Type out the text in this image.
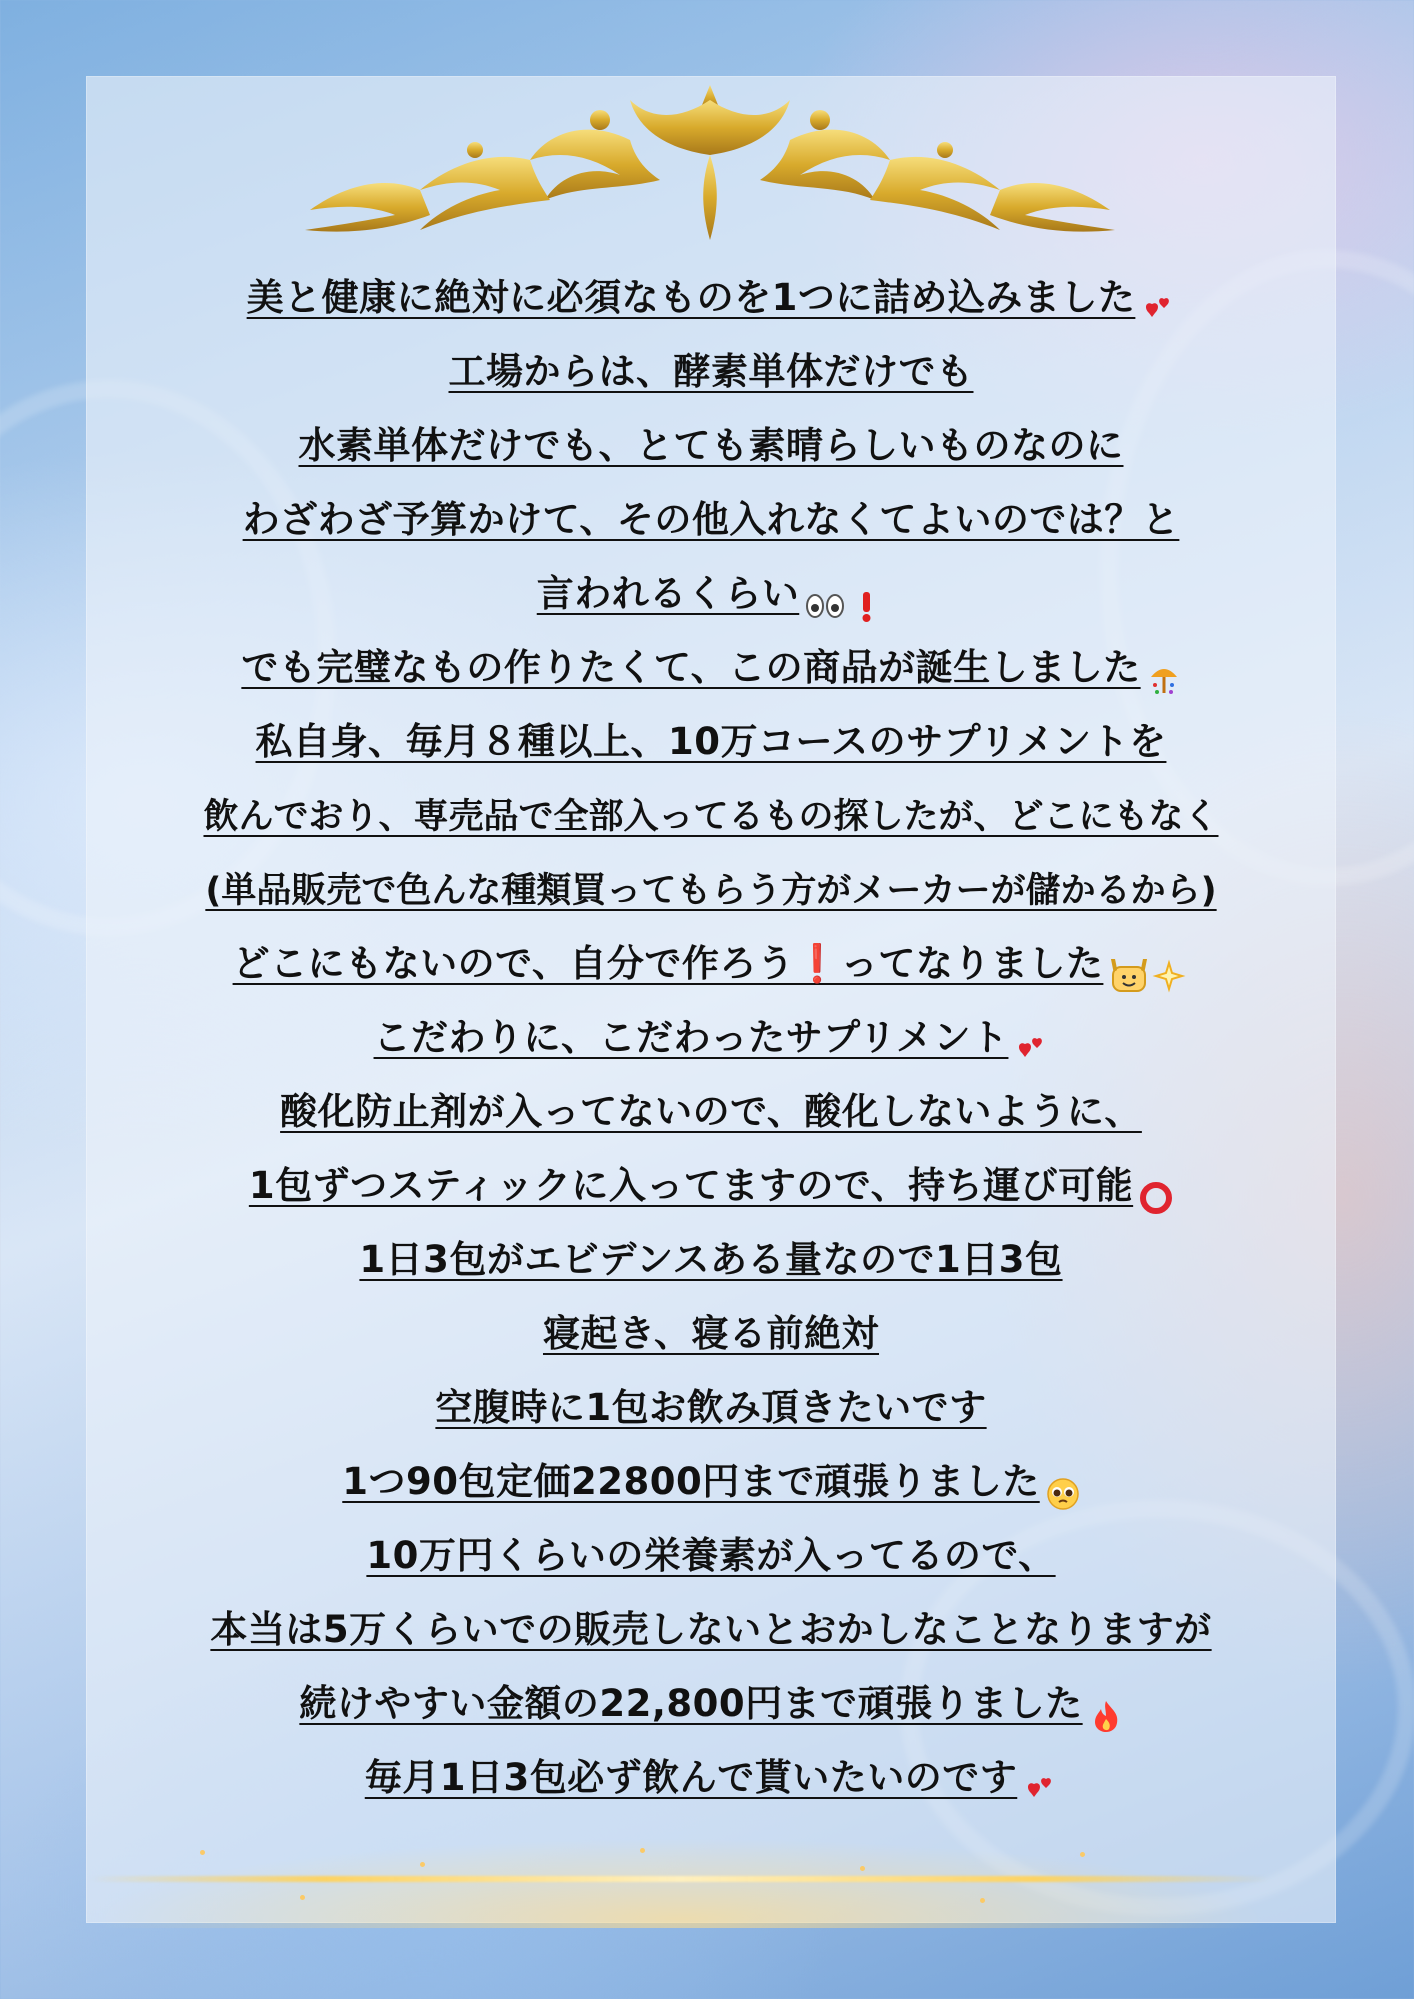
美と健康に絶対に必須なものを1つに詰め込みました
工場からは、酵素単体だけでも
水素単体だけでも、とても素晴らしいものなのに
わざわざ予算かけて、その他入れなくてよいのでは？と
言われるくらい
でも完璧なもの作りたくて、この商品が誕生しました
私自身、毎月８種以上、10万コースのサプリメントを
飲んでおり、専売品で全部入ってるもの探したが、どこにもなく
(単品販売で色んな種類買ってもらう方がメーカーが儲かるから)
どこにもないので、自分で作ろう❗️ってなりました
こだわりに、こだわったサプリメント
酸化防止剤が入ってないので、酸化しないように、
1包ずつスティックに入ってますので、持ち運び可能
1日3包がエビデンスある量なので1日3包
寝起き、寝る前絶対
空腹時に1包お飲み頂きたいです
1つ90包定価22800円まで頑張りました
10万円くらいの栄養素が入ってるので、
本当は5万くらいでの販売しないとおかしなことなりますが
続けやすい金額の22,800円まで頑張りました
毎月1日3包必ず飲んで貰いたいのです
